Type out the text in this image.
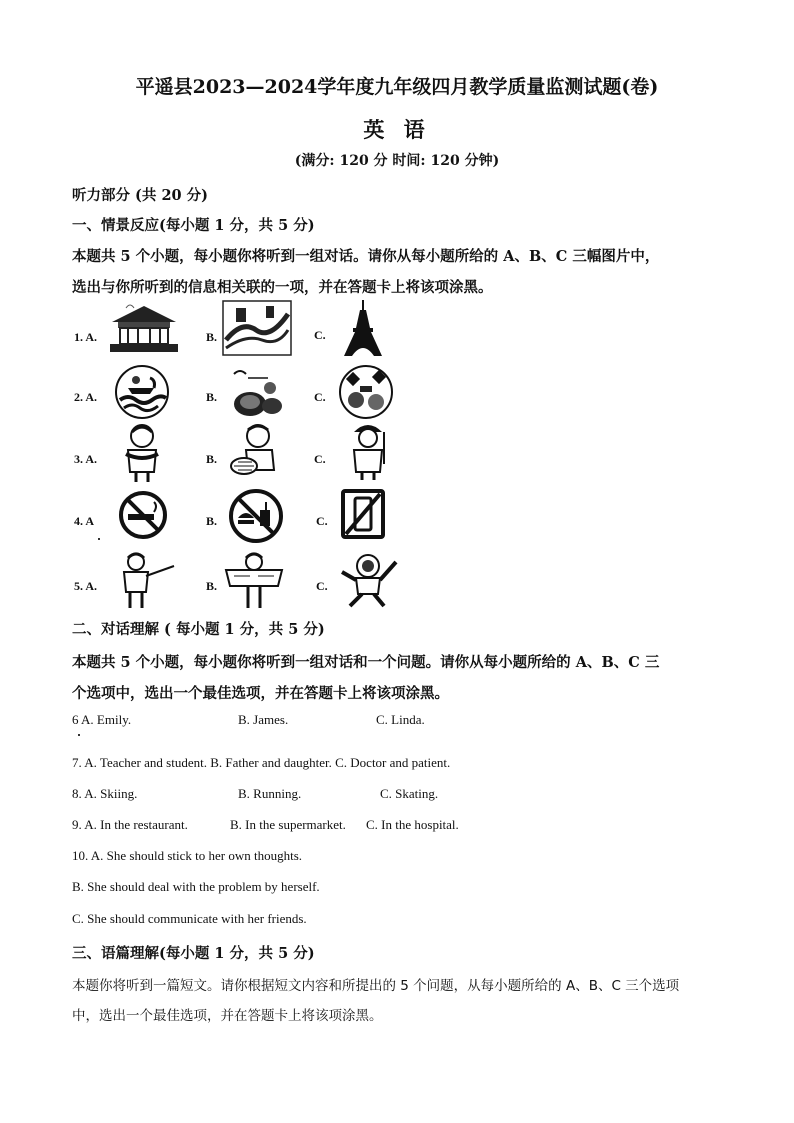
平遥县2023—2024学年度九年级四月教学质量监测试题(卷)
英 语
(满分: 120 分 时间: 120 分钟)
听力部分 (共 20 分)
一、情景反应(每小题 1 分，共 5 分)
本题共 5 个小题，每小题你将听到一组对话。请你从每小题所给的 A、B、C 三幅图片中，
选出与你所听到的信息相关联的一项，并在答题卡上将该项涂黑。
1. A.	B.	C.
2. A.	B.	C.
3. A.	B.	C.
4. A	B.	C.
5. A.	B.	C.
二、对话理解 ( 每小题 1 分，共 5 分)
本题共 5 个小题，每小题你将听到一组对话和一个问题。请你从每小题所给的 A、B、C 三
个选项中，选出一个最佳选项，并在答题卡上将该项涂黑。
6 A. Emily.	B. James.	C. Linda.
7. A. Teacher and student. B. Father and daughter. C. Doctor and patient.
8. A. Skiing.	B. Running.	C. Skating.
9. A. In the restaurant.	B. In the supermarket. C. In the hospital.
10. A. She should stick to her own thoughts.
B. She should deal with the problem by herself.
C. She should communicate with her friends.
三、语篇理解(每小题 1 分，共 5 分)
本题你将听到一篇短文。请你根据短文内容和所提出的 5 个问题，从每小题所给的 A、B、C 三个选项
中，选出一个最佳选项，并在答题卡上将该项涂黑。
